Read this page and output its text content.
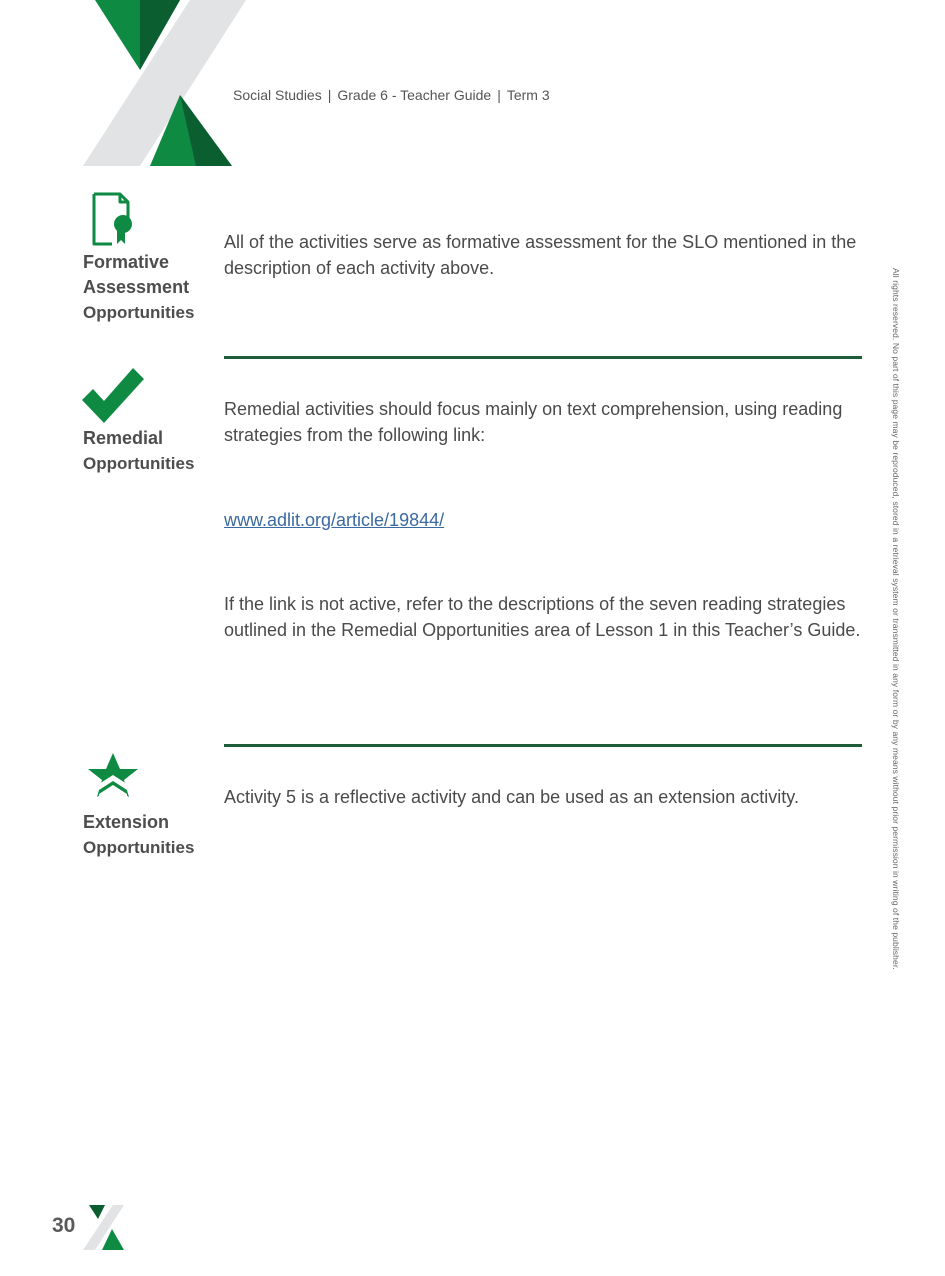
Social Studies | Grade 6 - Teacher Guide | Term 3
Formative
Assessment
Opportunities
All of the activities serve as formative assessment for the SLO mentioned in the description of each activity above.
Remedial
Opportunities
Remedial activities should focus mainly on text comprehension, using reading strategies from the following link:
www.adlit.org/article/19844/
If the link is not active, refer to the descriptions of the seven reading strategies outlined in the Remedial Opportunities area of Lesson 1 in this Teacher’s Guide.
Extension
Opportunities
Activity 5 is a reflective activity and can be used as an extension activity.	All rights reserved. No part of this page may be reproduced, stored in a retrieval system or transmitted in any form or by any means without prior permission in writing of the publisher.
30
